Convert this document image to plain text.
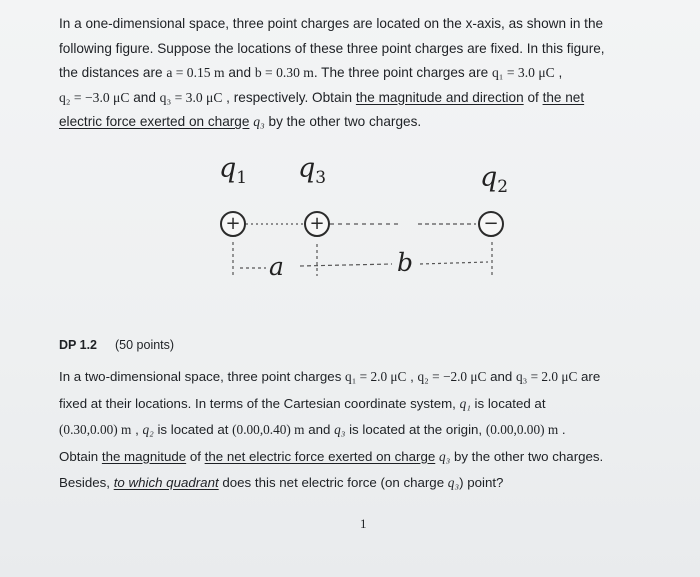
In a one-dimensional space, three point charges are located on the x-axis, as shown in the
following figure. Suppose the locations of these three point charges are fixed. In this figure,
the distances are a = 0.15 m and b = 0.30 m. The three point charges are q₁ = 3.0 μC ,
q₂ = −3.0 μC and q₃ = 3.0 μC , respectively. Obtain the magnitude and direction of the net
electric force exerted on charge q₃ by the other two charges.
$q_1$ $q_3$	$q_2$
+	+	−
a	b
DP 1.2 (50 points)
In a two-dimensional space, three point charges q₁ = 2.0 μC , q₂ = −2.0 μC and q₃ = 2.0 μC are
fixed at their locations. In terms of the Cartesian coordinate system, q₁ is located at
(0.30,0.00) m , q₂ is located at (0.00,0.40) m and q₃ is located at the origin, (0.00,0.00) m .
Obtain the magnitude of the net electric force exerted on charge q₃ by the other two charges.
Besides, to which quadrant does this net electric force (on charge q₃) point?
1
